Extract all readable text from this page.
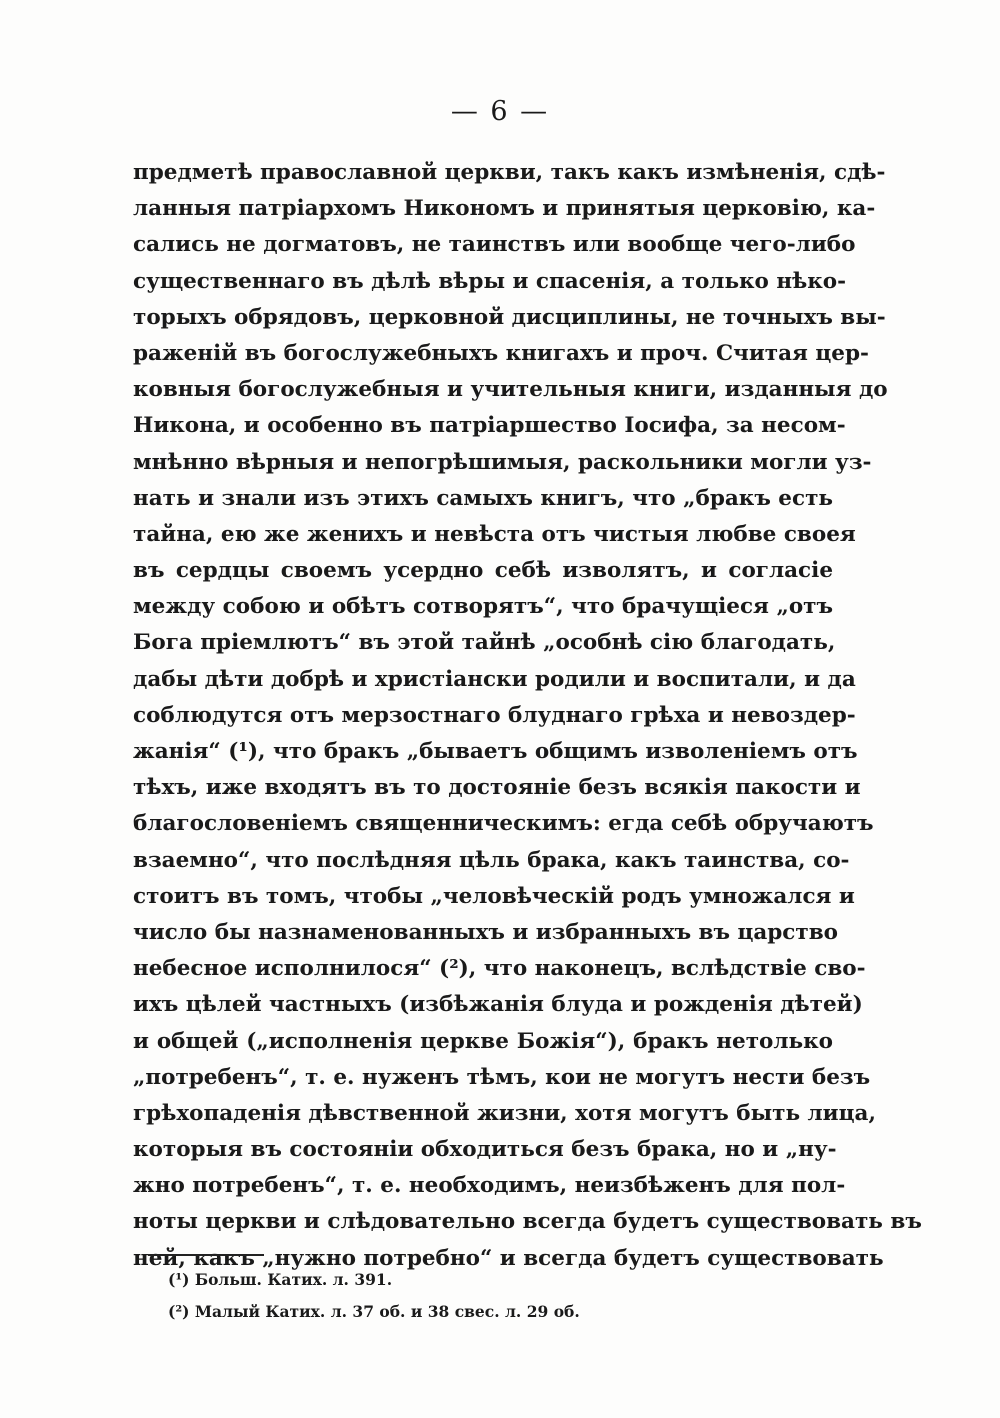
— 6 —
предметѣ православной церкви, такъ какъ измѣненія, сдѣ-
ланныя патріархомъ Никономъ и принятыя церковію, ка-
сались не догматовъ, не таинствъ или вообще чего-либо
существеннаго въ дѣлѣ вѣры и спасенія, а только нѣко-
торыхъ обрядовъ, церковной дисциплины, не точныхъ вы-
раженій въ богослужебныхъ книгахъ и проч. Считая цер-
ковныя богослужебныя и учительныя книги, изданныя до
Никона, и особенно въ патріаршество Іосифа, за несом-
мнѣнно вѣрныя и непогрѣшимыя, раскольники могли уз-
нать и знали изъ этихъ самыхъ книгъ, что „бракъ есть
тайна, ею же женихъ и невѣста отъ чистыя любве своея
въ сердцы своемъ усердно себѣ изволятъ, и согласіе
между собою и обѣтъ сотворятъ“, что брачущіеся „отъ
Бога пріемлютъ“ въ этой тайнѣ „особнѣ сію благодать,
дабы дѣти добрѣ и христіански родили и воспитали, и да
соблюдутся отъ мерзостнаго блуднаго грѣха и невоздер-
жанія“ (¹), что бракъ „бываетъ общимъ изволеніемъ отъ
тѣхъ, иже входятъ въ то достояніе безъ всякія пакости и
благословеніемъ священническимъ: егда себѣ обручаютъ
взаемно“, что послѣдняя цѣль брака, какъ таинства, со-
стоитъ въ томъ, чтобы „человѣческій родъ умножался и
число бы назнаменованныхъ и избранныхъ въ царство
небесное исполнилося“ (²), что наконецъ, вслѣдствіе сво-
ихъ цѣлей частныхъ (избѣжанія блуда и рожденія дѣтей)
и общей („исполненія церкве Божія“), бракъ нетолько
„потребенъ“, т. е. нуженъ тѣмъ, кои не могутъ нести безъ
грѣхопаденія дѣвственной жизни, хотя могутъ быть лица,
которыя въ состояніи обходиться безъ брака, но и „ну-
жно потребенъ“, т. е. необходимъ, неизбѣженъ для пол-
ноты церкви и слѣдовательно всегда будетъ существовать въ
ней, какъ „нужно потребно“ и всегда будетъ существовать
(¹) Больш. Катих. л. 391.
(²) Малый Катих. л. 37 об. и 38 свес. л. 29 об.
